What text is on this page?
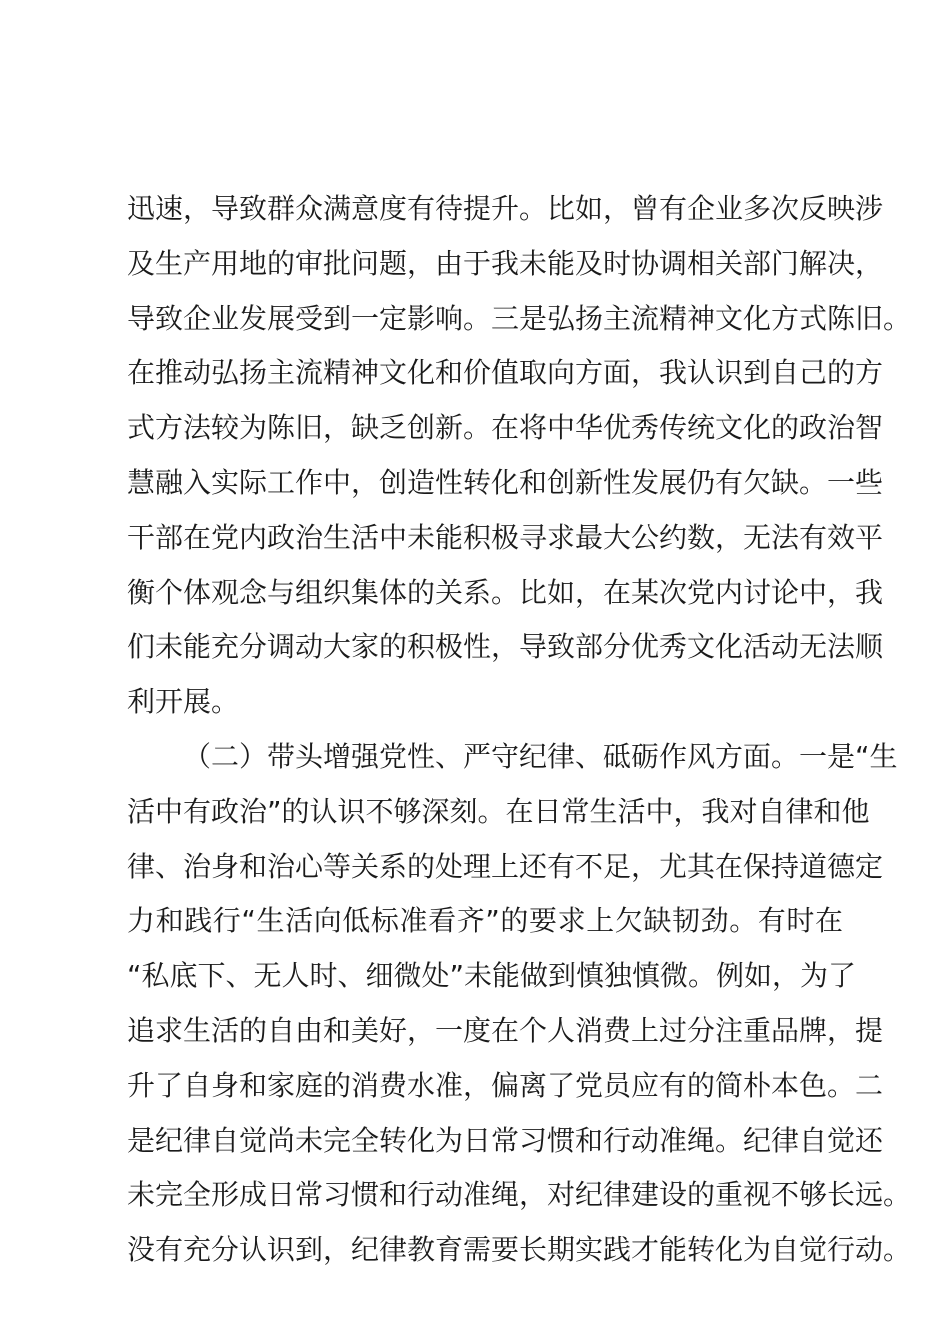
迅速，导致群众满意度有待提升。比如，曾有企业多次反映涉
及生产用地的审批问题，由于我未能及时协调相关部门解决，
导致企业发展受到一定影响。三是弘扬主流精神文化方式陈旧。
在推动弘扬主流精神文化和价值取向方面，我认识到自己的方
式方法较为陈旧，缺乏创新。在将中华优秀传统文化的政治智
慧融入实际工作中，创造性转化和创新性发展仍有欠缺。一些
干部在党内政治生活中未能积极寻求最大公约数，无法有效平
衡个体观念与组织集体的关系。比如，在某次党内讨论中，我
们未能充分调动大家的积极性，导致部分优秀文化活动无法顺
利开展。
（二）带头增强党性、严守纪律、砥砺作风方面。一是“生
活中有政治”的认识不够深刻。在日常生活中，我对自律和他
律、治身和治心等关系的处理上还有不足，尤其在保持道德定
力和践行“生活向低标准看齐”的要求上欠缺韧劲。有时在
“私底下、无人时、细微处”未能做到慎独慎微。例如，为了
追求生活的自由和美好，一度在个人消费上过分注重品牌，提
升了自身和家庭的消费水准，偏离了党员应有的简朴本色。二
是纪律自觉尚未完全转化为日常习惯和行动准绳。纪律自觉还
未完全形成日常习惯和行动准绳，对纪律建设的重视不够长远。
没有充分认识到，纪律教育需要长期实践才能转化为自觉行动。
